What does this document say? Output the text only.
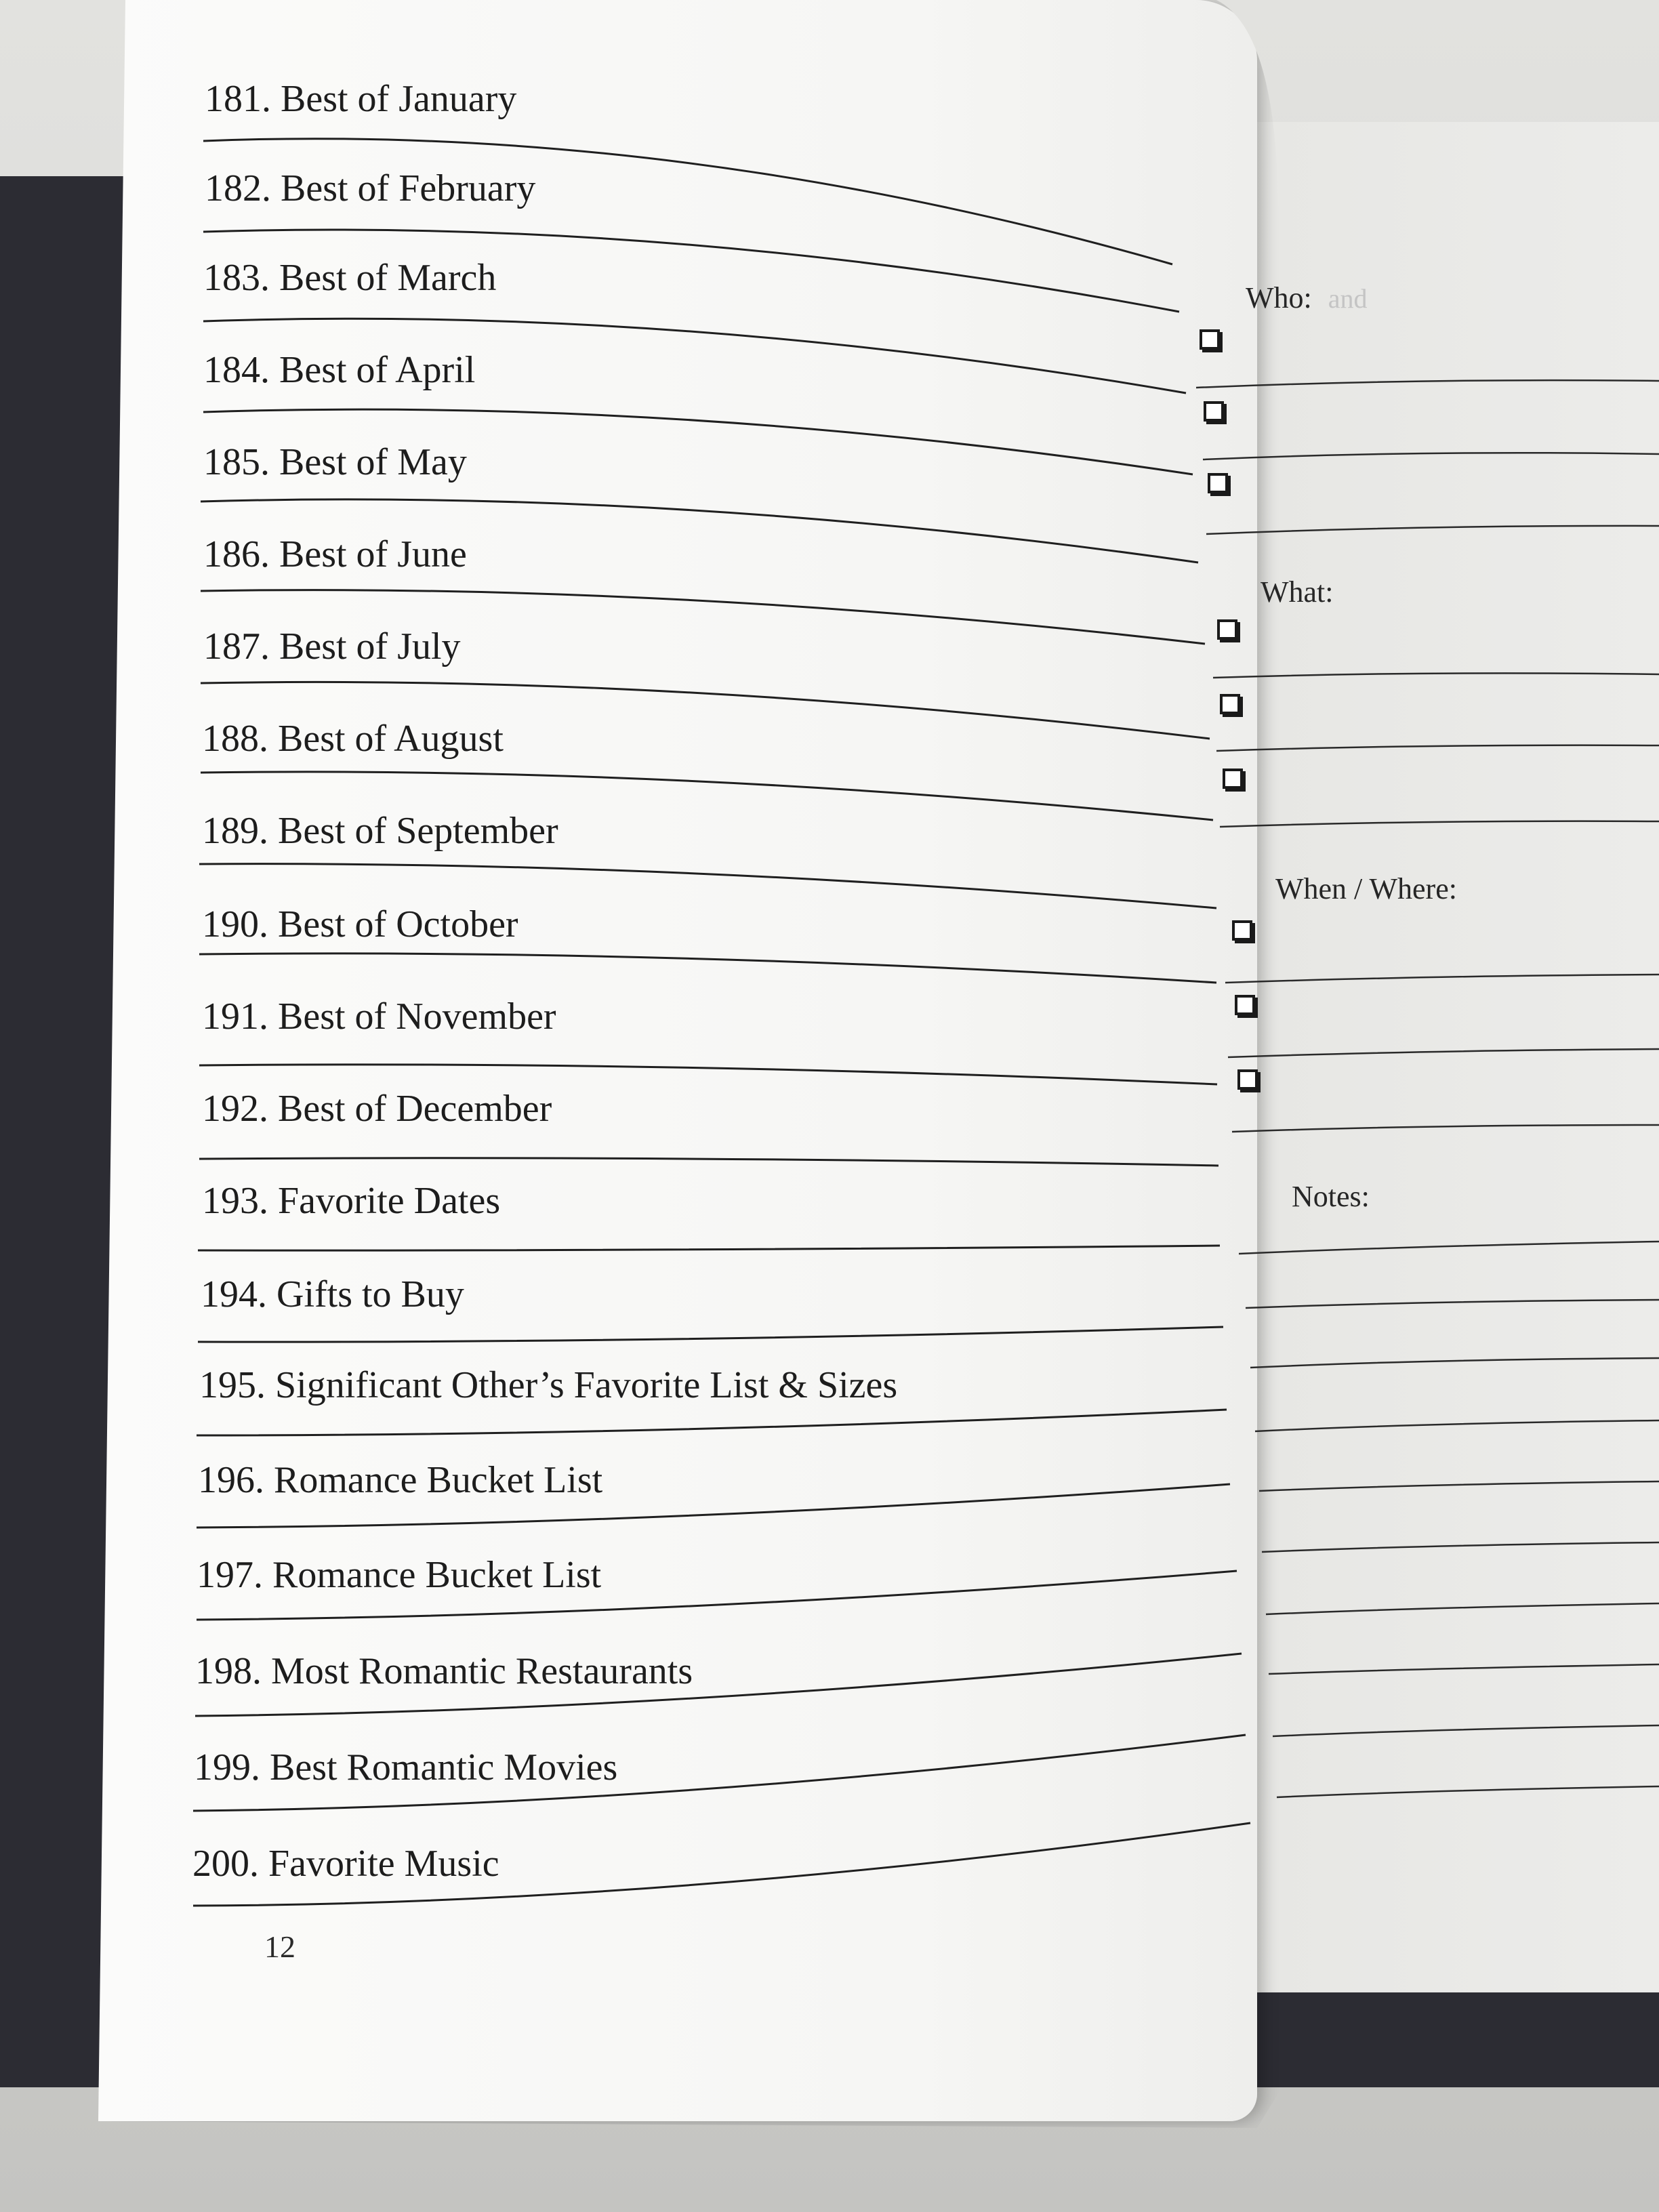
181. Best of January

182. Best of February

183. Best of March

184. Best of April

185. Best of May

186. Best of June

187. Best of July

188. Best of August

189. Best of September

190. Best of October

191. Best of November

192. Best of December

193. Favorite Dates

194. Gifts to Buy

195. Significant Other’s Favorite List & Sizes

196. Romance Bucket List

197. Romance Bucket List

198. Most Romantic Restaurants

199. Best Romantic Movies

200. Favorite Music

12

Who: and

What:

When / Where:

Notes:
